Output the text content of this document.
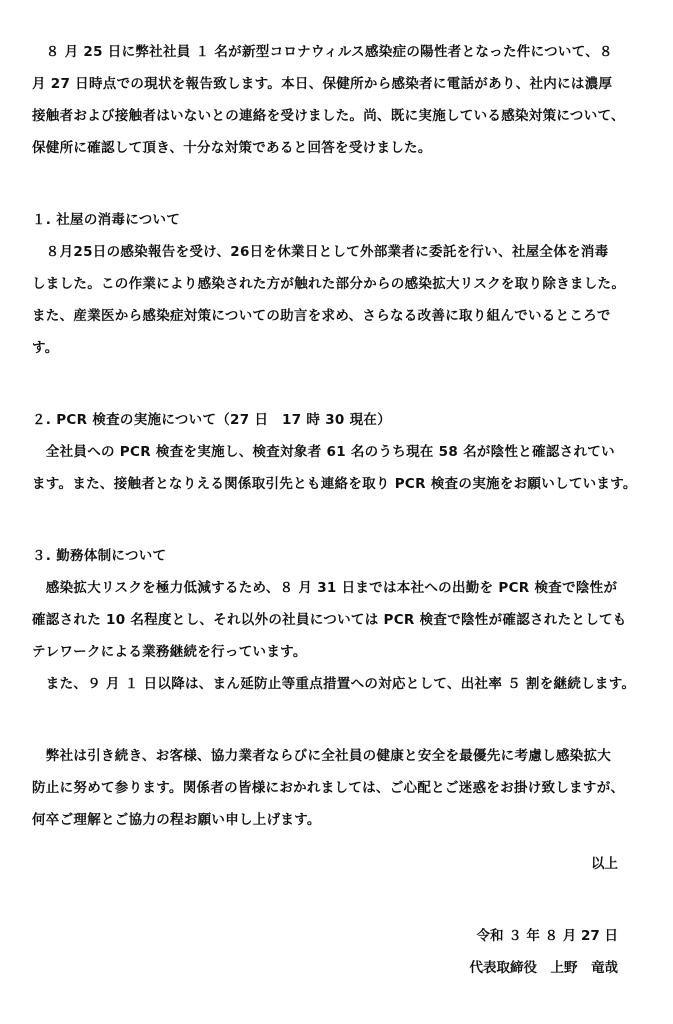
　８ 月 25 日に弊社社員 １ 名が新型コロナウィルス感染症の陽性者となった件について、８
月 27 日時点での現状を報告致します。本日、保健所から感染者に電話があり、社内には濃厚
接触者および接触者はいないとの連絡を受けました。尚、既に実施している感染対策について、
保健所に確認して頂き、十分な対策であると回答を受けました。
１. 社屋の消毒について
　８月25日の感染報告を受け、26日を休業日として外部業者に委託を行い、社屋全体を消毒
しました。この作業により感染された方が触れた部分からの感染拡大リスクを取り除きました。
また、産業医から感染症対策についての助言を求め、さらなる改善に取り組んでいるところで
す。
２. PCR 検査の実施について（27 日　17 時 30 現在）
　全社員への PCR 検査を実施し、検査対象者 61 名のうち現在 58 名が陰性と確認されてい
ます。また、接触者となりえる関係取引先とも連絡を取り PCR 検査の実施をお願いしています。
３. 勤務体制について
　感染拡大リスクを極力低減するため、８ 月 31 日までは本社への出勤を PCR 検査で陰性が
確認された 10 名程度とし、それ以外の社員については PCR 検査で陰性が確認されたとしても
テレワークによる業務継続を行っています。
　また、９ 月 １ 日以降は、まん延防止等重点措置への対応として、出社率 ５ 割を継続します。
　弊社は引き続き、お客様、協力業者ならびに全社員の健康と安全を最優先に考慮し感染拡大
防止に努めて参ります。関係者の皆様におかれましては、ご心配とご迷惑をお掛け致しますが、
何卒ご理解とご協力の程お願い申し上げます。
以上
令和 ３ 年 ８ 月 27 日
代表取締役　上野　竜哉
